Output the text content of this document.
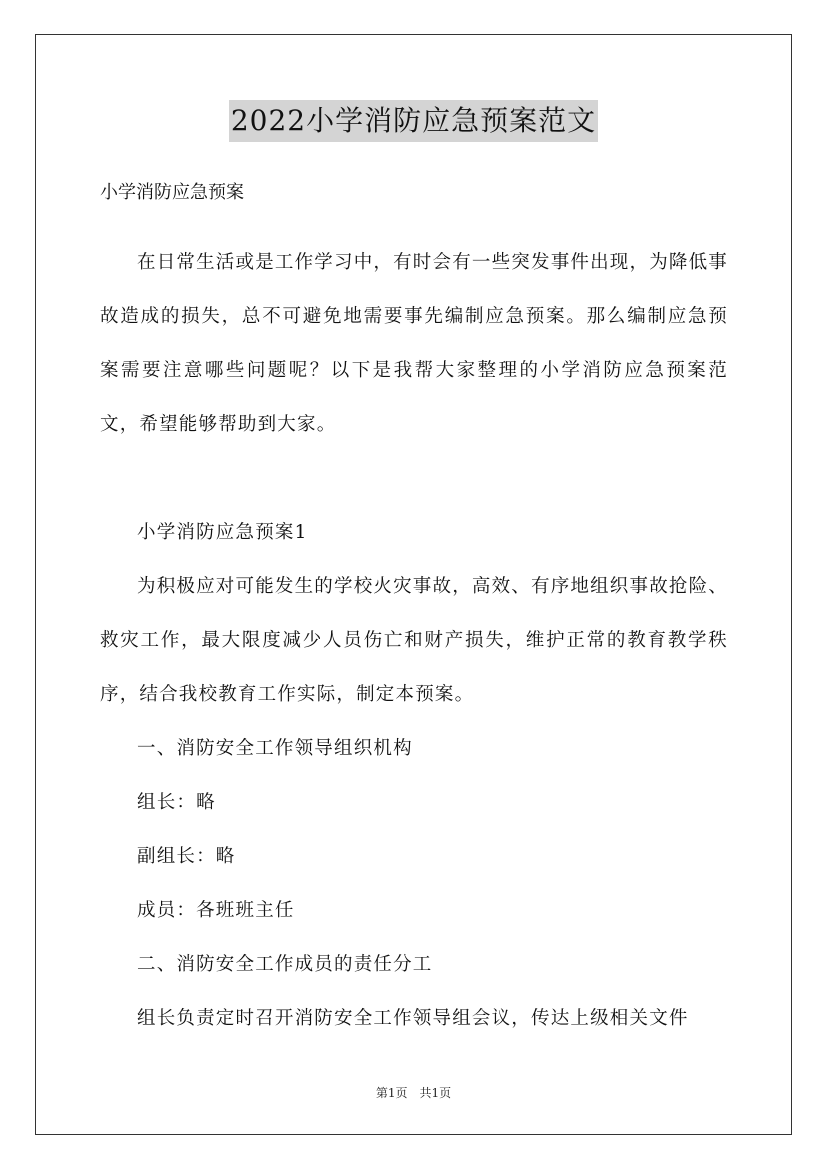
2022小学消防应急预案范文

小学消防应急预案

在日常生活或是工作学习中，有时会有一些突发事件出现，为降低事故造成的损失，总不可避免地需要事先编制应急预案。那么编制应急预案需要注意哪些问题呢？以下是我帮大家整理的小学消防应急预案范文，希望能够帮助到大家。

小学消防应急预案1

为积极应对可能发生的学校火灾事故，高效、有序地组织事故抢险、救灾工作，最大限度减少人员伤亡和财产损失，维护正常的教育教学秩序，结合我校教育工作实际，制定本预案。

一、消防安全工作领导组织机构

组长：略

副组长：略

成员：各班班主任

二、消防安全工作成员的责任分工

组长负责定时召开消防安全工作领导组会议，传达上级相关文件

第1页　共1页
